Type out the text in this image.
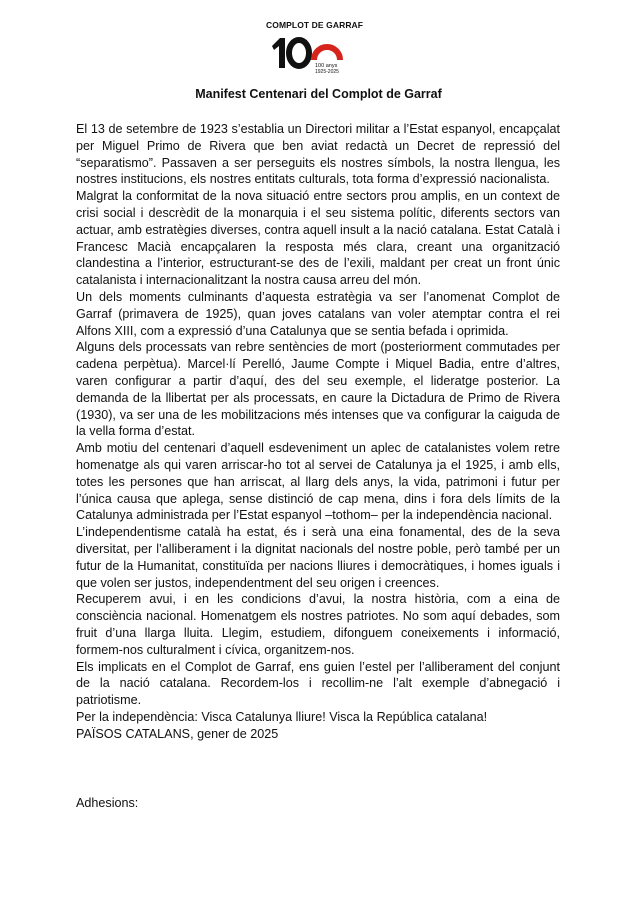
COMPLOT DE GARRAF
100 anys
1925-2025
Manifest Centenari del Complot de Garraf

El 13 de setembre de 1923 s’establia un Directori militar a l’Estat espanyol, encapçalat per Miguel Primo de Rivera que ben aviat redactà un Decret de repressió del “separatismo”. Passaven a ser perseguits els nostres símbols, la nostra llengua, les nostres institucions, els nostres entitats culturals, tota forma d’expressió nacionalista.

Malgrat la conformitat de la nova situació entre sectors prou amplis, en un context de crisi social i descrèdit de la monarquia i el seu sistema polític, diferents sectors van actuar, amb estratègies diverses, contra aquell insult a la nació catalana. Estat Català i Francesc Macià encapçalaren la resposta més clara, creant una organització clandestina a l’interior, estructurant-se des de l’exili, maldant per creat un front únic catalanista i internacionalitzant la nostra causa arreu del món.

Un dels moments culminants d’aquesta estratègia va ser l’anomenat Complot de Garraf (primavera de 1925), quan joves catalans van voler atemptar contra el rei Alfons XIII, com a expressió d’una Catalunya que se sentia befada i oprimida.

Alguns dels processats van rebre sentències de mort (posteriorment commutades per cadena perpètua). Marcel·lí Perelló, Jaume Compte i Miquel Badia, entre d’altres, varen configurar a partir d’aquí, des del seu exemple, el lideratge posterior. La demanda de la llibertat per als processats, en caure la Dictadura de Primo de Rivera (1930), va ser una de les mobilitzacions més intenses que va configurar la caiguda de la vella forma d’estat.

Amb motiu del centenari d’aquell esdeveniment un aplec de catalanistes volem retre homenatge als qui varen arriscar-ho tot al servei de Catalunya ja el 1925, i amb ells, totes les persones que han arriscat, al llarg dels anys, la vida, patrimoni i futur per l’única causa que aplega, sense distinció de cap mena, dins i fora dels límits de la Catalunya administrada per l’Estat espanyol –tothom– per la independència nacional.

L’independentisme català ha estat, és i serà una eina fonamental, des de la seva diversitat, per l’alliberament i la dignitat nacionals del nostre poble, però també per un futur de la Humanitat, constituïda per nacions lliures i democràtiques, i homes iguals i que volen ser justos, independentment del seu origen i creences.

Recuperem avui, i en les condicions d’avui, la nostra història, com a eina de consciència nacional. Homenatgem els nostres patriotes. No som aquí debades, som fruit d’una llarga lluita. Llegim, estudiem, difonguem coneixements i informació, formem-nos culturalment i cívica, organitzem-nos.

Els implicats en el Complot de Garraf, ens guien l’estel per l’alliberament del conjunt de la nació catalana. Recordem-los i recollim-ne l’alt exemple d’abnegació i patriotisme.

Per la independència: Visca Catalunya lliure! Visca la República catalana!

PAÏSOS CATALANS, gener de 2025

Adhesions:
